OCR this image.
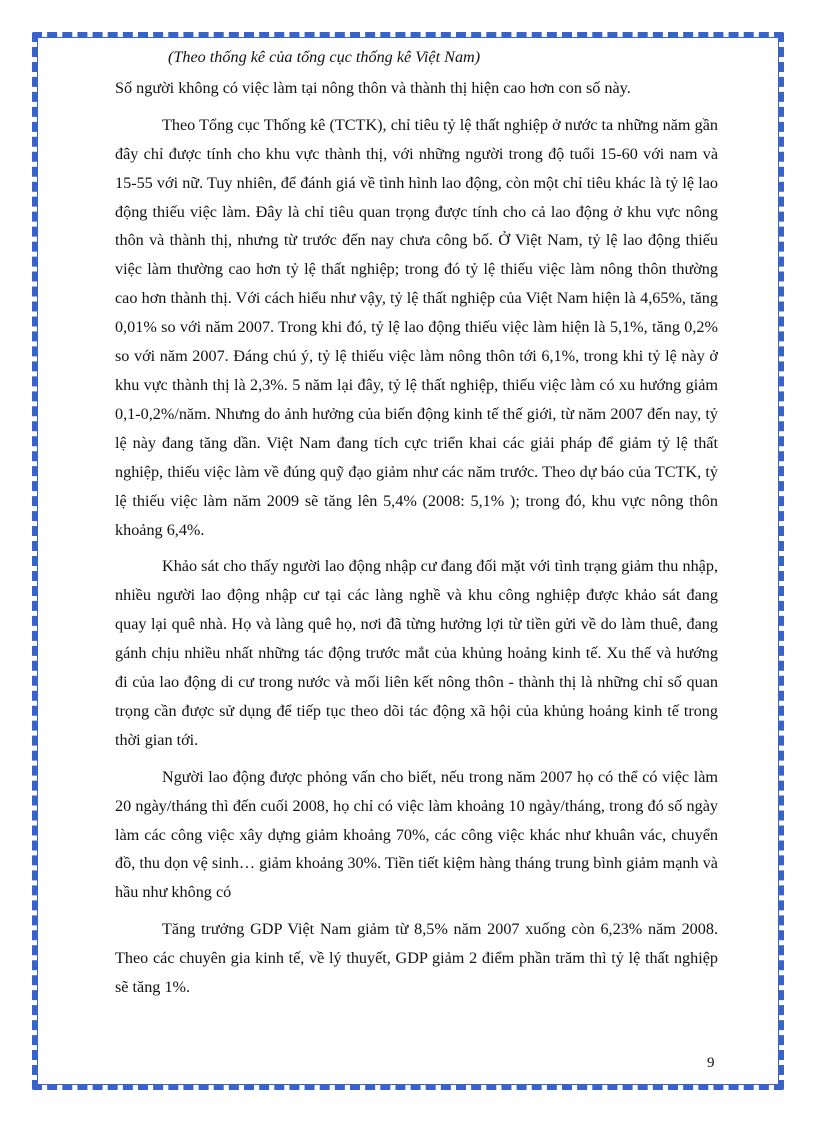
(Theo thống kê của tổng cục thống kê Việt Nam)

Số người không có việc làm tại nông thôn và thành thị hiện cao hơn con số này.

Theo Tổng cục Thống kê (TCTK), chỉ tiêu tỷ lệ thất nghiệp ở nước ta những năm gần đây chỉ được tính cho khu vực thành thị, với những người trong độ tuổi 15-60 với nam và 15-55 với nữ. Tuy nhiên, để đánh giá về tình hình lao động, còn một chỉ tiêu khác là tỷ lệ lao động thiếu việc làm. Đây là chỉ tiêu quan trọng được tính cho cả lao động ở khu vực nông thôn và thành thị, nhưng từ trước đến nay chưa công bố. Ở Việt Nam, tỷ lệ lao động thiếu việc làm thường cao hơn tỷ lệ thất nghiệp; trong đó tỷ lệ thiếu việc làm nông thôn thường cao hơn thành thị. Với cách hiểu như vậy, tỷ lệ thất nghiệp của Việt Nam hiện là 4,65%, tăng 0,01% so với năm 2007. Trong khi đó, tỷ lệ lao động thiếu việc làm hiện là 5,1%, tăng 0,2% so với năm 2007. Đáng chú ý, tỷ lệ thiếu việc làm nông thôn tới 6,1%, trong khi tỷ lệ này ở khu vực thành thị là 2,3%. 5 năm lại đây, tỷ lệ thất nghiệp, thiếu việc làm có xu hướng giảm 0,1-0,2%/năm. Nhưng do ảnh hưởng của biến động kinh tế thế giới, từ năm 2007 đến nay, tỷ lệ này đang tăng dần. Việt Nam đang tích cực triển khai các giải pháp để giảm tỷ lệ thất nghiệp, thiếu việc làm về đúng quỹ đạo giảm như các năm trước. Theo dự báo của TCTK, tỷ lệ thiếu việc làm năm 2009 sẽ tăng lên 5,4% (2008: 5,1% ); trong đó, khu vực nông thôn khoảng 6,4%.

Khảo sát cho thấy người lao động nhập cư đang đối mặt với tình trạng giảm thu nhập, nhiều người lao động nhập cư tại các làng nghề và khu công nghiệp được khảo sát đang quay lại quê nhà. Họ và làng quê họ, nơi đã từng hưởng lợi từ tiền gửi về do làm thuê, đang gánh chịu nhiều nhất những tác động trước mắt của khủng hoảng kinh tế. Xu thế và hướng đi của lao động di cư trong nước và mối liên kết nông thôn - thành thị là những chỉ số quan trọng cần được sử dụng để tiếp tục theo dõi tác động xã hội của khủng hoảng kinh tế trong thời gian tới.

Người lao động được phỏng vấn cho biết, nếu trong năm 2007 họ có thể có việc làm 20 ngày/tháng thì đến cuối 2008, họ chỉ có việc làm khoảng 10 ngày/tháng, trong đó số ngày làm các công việc xây dựng giảm khoảng 70%, các công việc khác như khuân vác, chuyển đồ, thu dọn vệ sinh… giảm khoảng 30%. Tiền tiết kiệm hàng tháng trung bình giảm mạnh và hầu như không có

Tăng trưởng GDP Việt Nam giảm từ 8,5% năm 2007 xuống còn 6,23% năm 2008. Theo các chuyên gia kinh tế, về lý thuyết, GDP giảm 2 điểm phần trăm thì tỷ lệ thất nghiệp sẽ tăng 1%.

9
